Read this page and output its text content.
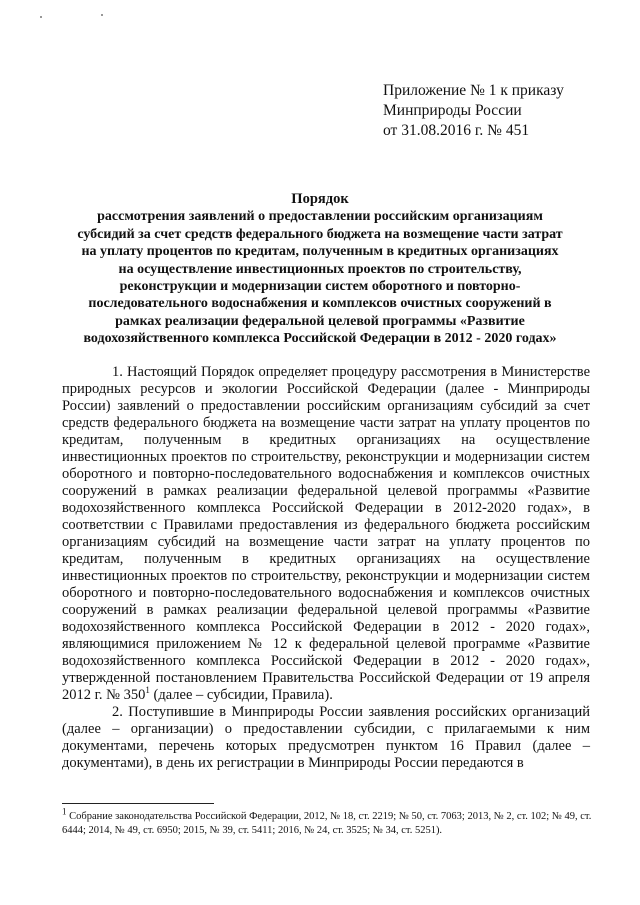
Приложение № 1 к приказу
Минприроды России
от 31.08.2016 г. № 451
Порядок
рассмотрения заявлений о предоставлении российским организациям
субсидий за счет средств федерального бюджета на возмещение части затрат
на уплату процентов по кредитам, полученным в кредитных организациях
на осуществление инвестиционных проектов по строительству,
реконструкции и модернизации систем оборотного и повторно-
последовательного водоснабжения и комплексов очистных сооружений в
рамках реализации федеральной целевой программы «Развитие
водохозяйственного комплекса Российской Федерации в 2012 - 2020 годах»

1. Настоящий Порядок определяет процедуру рассмотрения в Министерстве природных ресурсов и экологии Российской Федерации (далее - Минприроды России) заявлений о предоставлении российским организациям субсидий за счет средств федерального бюджета на возмещение части затрат на уплату процентов по кредитам, полученным в кредитных организациях на осуществление инвестиционных проектов по строительству, реконструкции и модернизации систем оборотного и повторно-последовательного водоснабжения и комплексов очистных сооружений в рамках реализации федеральной целевой программы «Развитие водохозяйственного комплекса Российской Федерации в 2012-2020 годах», в соответствии с Правилами предоставления из федерального бюджета российским организациям субсидий на возмещение части затрат на уплату процентов по кредитам, полученным в кредитных организациях на осуществление инвестиционных проектов по строительству, реконструкции и модернизации систем оборотного и повторно-последовательного водоснабжения и комплексов очистных сооружений в рамках реализации федеральной целевой программы «Развитие водохозяйственного комплекса Российской Федерации в 2012 - 2020 годах», являющимися приложением № 12 к федеральной целевой программе «Развитие водохозяйственного комплекса Российской Федерации в 2012 - 2020 годах», утвержденной постановлением Правительства Российской Федерации от 19 апреля 2012 г. № $350^1$ (далее – субсидии, Правила).

2. Поступившие в Минприроды России заявления российских организаций (далее – организации) о предоставлении субсидии, с прилагаемыми к ним документами, перечень которых предусмотрен пунктом 16 Правил (далее – документами), в день их регистрации в Минприроды России передаются в

$^1$ Собрание законодательства Российской Федерации, 2012, № 18, ст. 2219; № 50, ст. 7063; 2013, № 2, ст. 102; № 49, ст. 6444; 2014, № 49, ст. 6950; 2015, № 39, ст. 5411; 2016, № 24, ст. 3525; № 34, ст. 5251).
